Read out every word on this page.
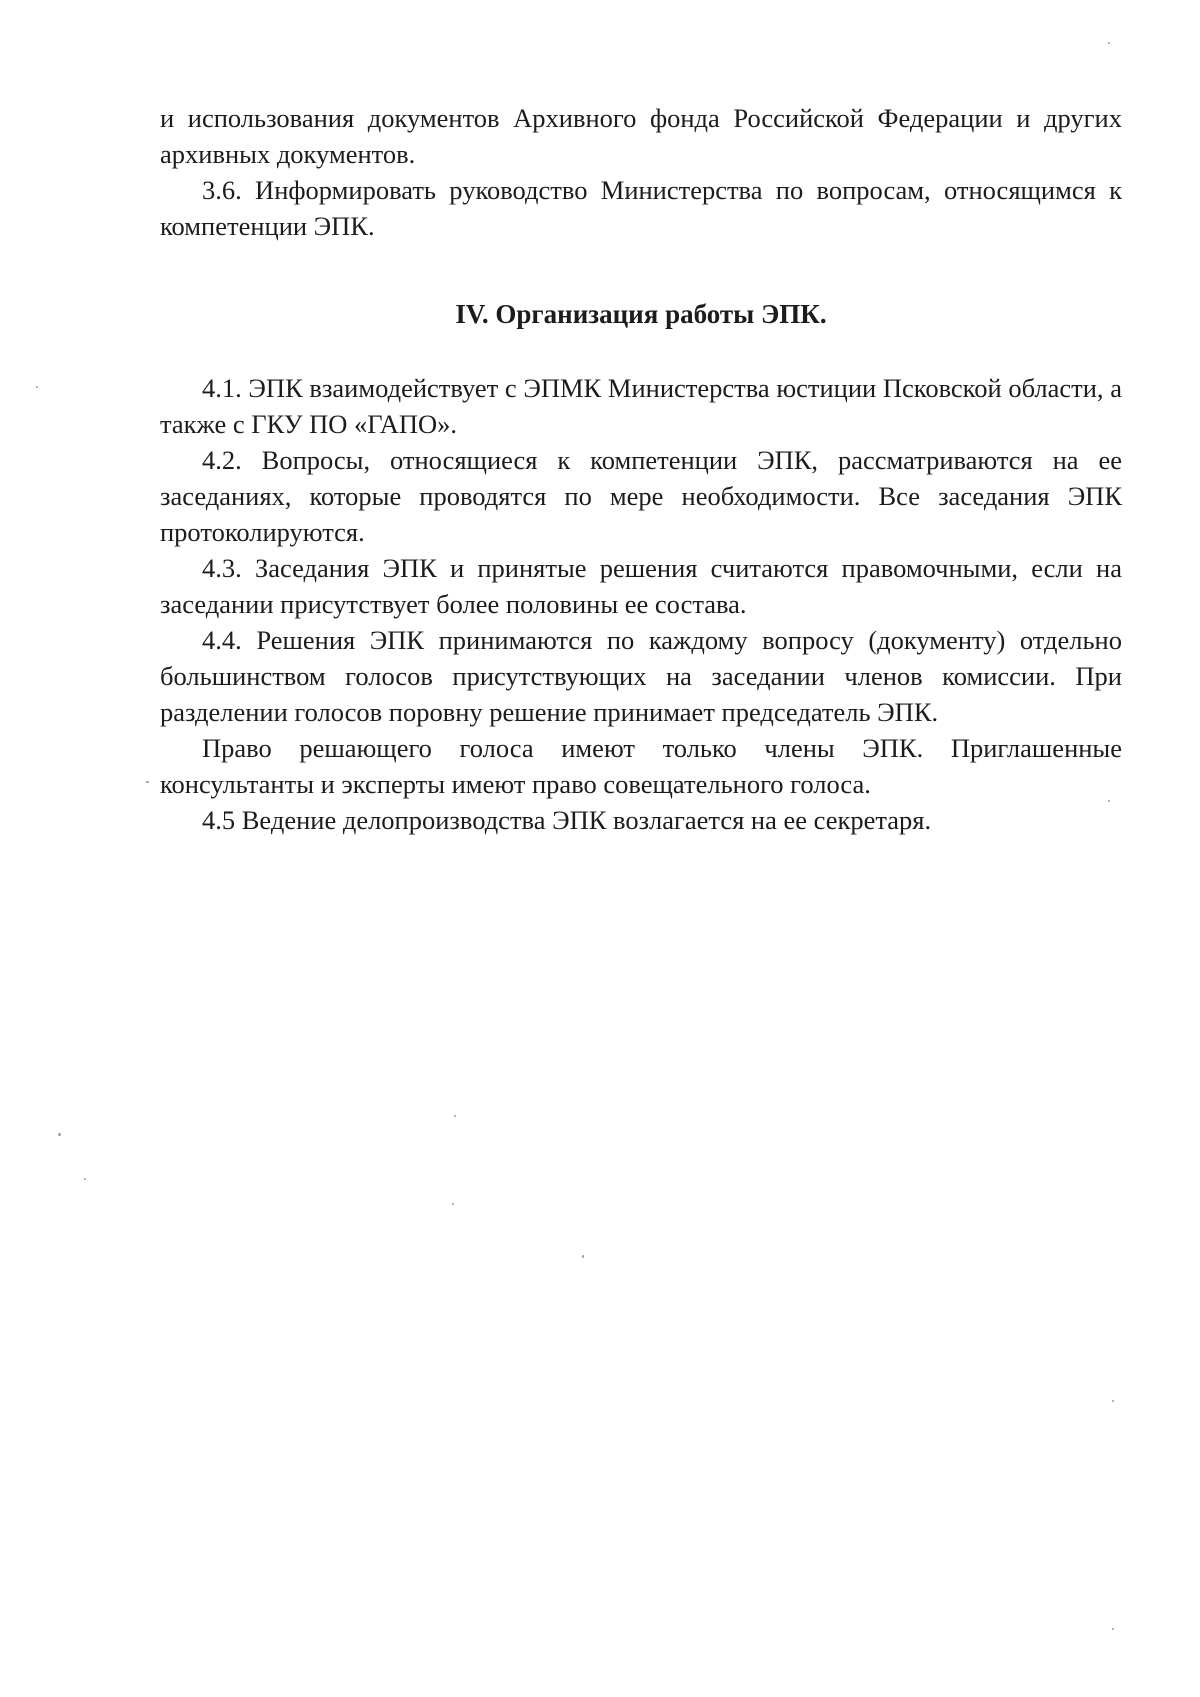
и использования документов Архивного фонда Российской Федерации и других архивных документов.

3.6. Информировать руководство Министерства по вопросам, относящимся к компетенции ЭПК.

IV. Организация работы ЭПК.

4.1. ЭПК взаимодействует с ЭПМК Министерства юстиции Псковской области, а также с ГКУ ПО «ГАПО».

4.2. Вопросы, относящиеся к компетенции ЭПК, рассматриваются на ее заседаниях, которые проводятся по мере необходимости. Все заседания ЭПК протоколируются.

4.3. Заседания ЭПК и принятые решения считаются правомочными, если на заседании присутствует более половины ее состава.

4.4. Решения ЭПК принимаются по каждому вопросу (документу) отдельно большинством голосов присутствующих на заседании членов комиссии. При разделении голосов поровну решение принимает председатель ЭПК.

Право решающего голоса имеют только члены ЭПК. Приглашенные консультанты и эксперты имеют право совещательного голоса.

4.5 Ведение делопроизводства ЭПК возлагается на ее секретаря.
